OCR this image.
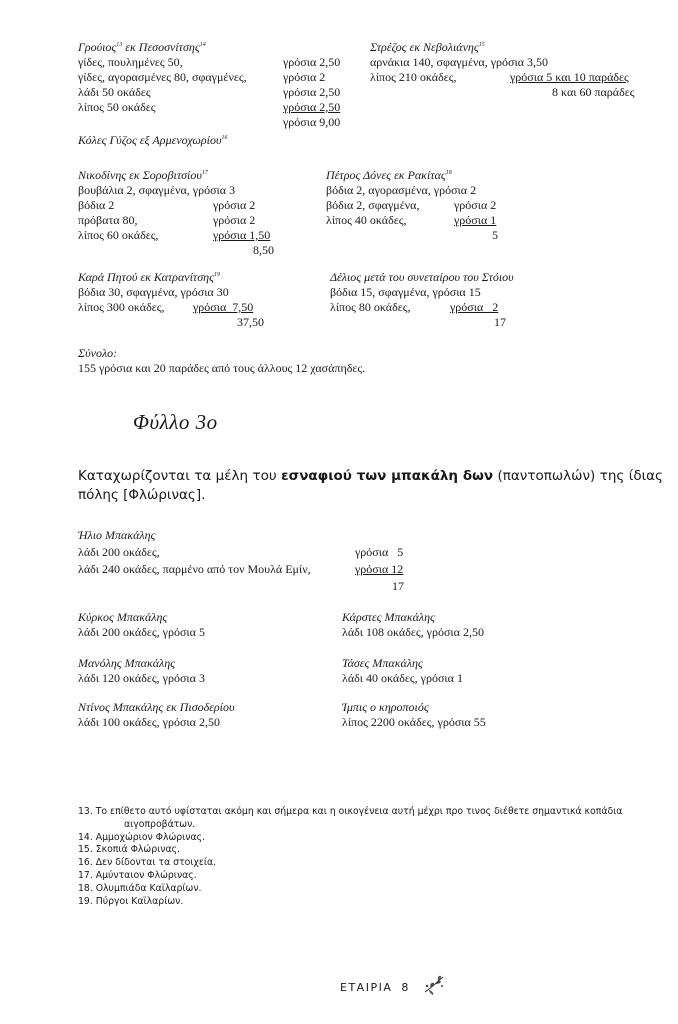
Γρούιος$^{13}$ εκ Πεσοσνίτσης$^{14}$
γίδες, πουλημένες 50,	γρόσια 2,50
γίδες, αγορασμένες 80, σφαγμένες,	γρόσια 2
λάδι 50 οκάδες	γρόσια 2,50
λίπος 50 οκάδες	γρόσια 2,50
γρόσια 9,00
Στρέζος εκ Νεβολιάνης$^{15}$
αρνάκια 140, σφαγμένα, γρόσια 3,50
λίπος 210 οκάδες,	γρόσια 5 και 10 παράδες
8 και 60 παράδες
Κόλες Γύζος εξ Αρμενοχωρίου$^{16}$
Νικοδίνης εκ Σοροβιτσίου$^{17}$
βουβάλια 2, σφαγμένα, γρόσια 3
βόδια 2	γρόσια 2
πρόβατα 80,	γρόσια 2
λίπος 60 οκάδες,	γρόσια 1,50
8,50
Πέτρος Δόνες εκ Ρακίτας$^{18}$
βόδια 2, αγορασμένα, γρόσια 2
βόδια 2, σφαγμένα,	γρόσια 2
λίπος 40 οκάδες,	γρόσια 1
5
Καρά Πητού εκ Κατρανίτσης$^{19}$
βόδια 30, σφαγμένα, γρόσια 30
λίπος 300 οκάδες, γρόσια  7,50
37,50
Δέλιος μετά του συνεταίρου του Στόιου
βόδια 15, σφαγμένα, γρόσια 15
λίπος 80 οκάδες,	γρόσια   2
17
Σύνολο:
155 γρόσια και 20 παράδες από τους άλλους 12 χασάπηδες.
Φύλλο 3ο
Καταχωρίζονται τα μέλη του εσναφιού των μπακάλη δων (παντοπωλών) της ίδιας πόλης [Φλώρινας].
Ήλιο Μπακάλης
λάδι 200 οκάδες,	γρόσια   5
λάδι 240 οκάδες, παρμένο από τον Μουλά Εμίν,	γρόσια 12
17
Κύρκος Μπακάλης
λάδι 200 οκάδες, γρόσια 5
Κάρστες Μπακάλης
λάδι 108 οκάδες, γρόσια 2,50
Μανόλης Μπακάλης
λάδι 120 οκάδες, γρόσια 3
Τάσες Μπακάλης
λάδι 40 οκάδες, γρόσια 1
Ντίνος Μπακάλης εκ Πισοδερίου
λάδι 100 οκάδες, γρόσια 2,50
Ίμπις ο κηροποιός
λίπος 2200 οκάδες, γρόσια 55
13. Το επίθετο αυτό υφίσταται ακόμη και σήμερα και η οικογένεια αυτή μέχρι προ τινος διέθετε σημαντικά κοπάδια
αιγοπροβάτων.
14. Αμμοχώριον Φλώρινας.
15. Σκοπιά Φλώρινας.
16. Δεν δίδονται τα στοιχεία.
17. Αμύνταιον Φλώρινας.
18. Ολυμπιάδα Καϊλαρίων.
19. Πύργοι Καϊλαρίων.
ΕΤΑΙΡΙΑ 8
